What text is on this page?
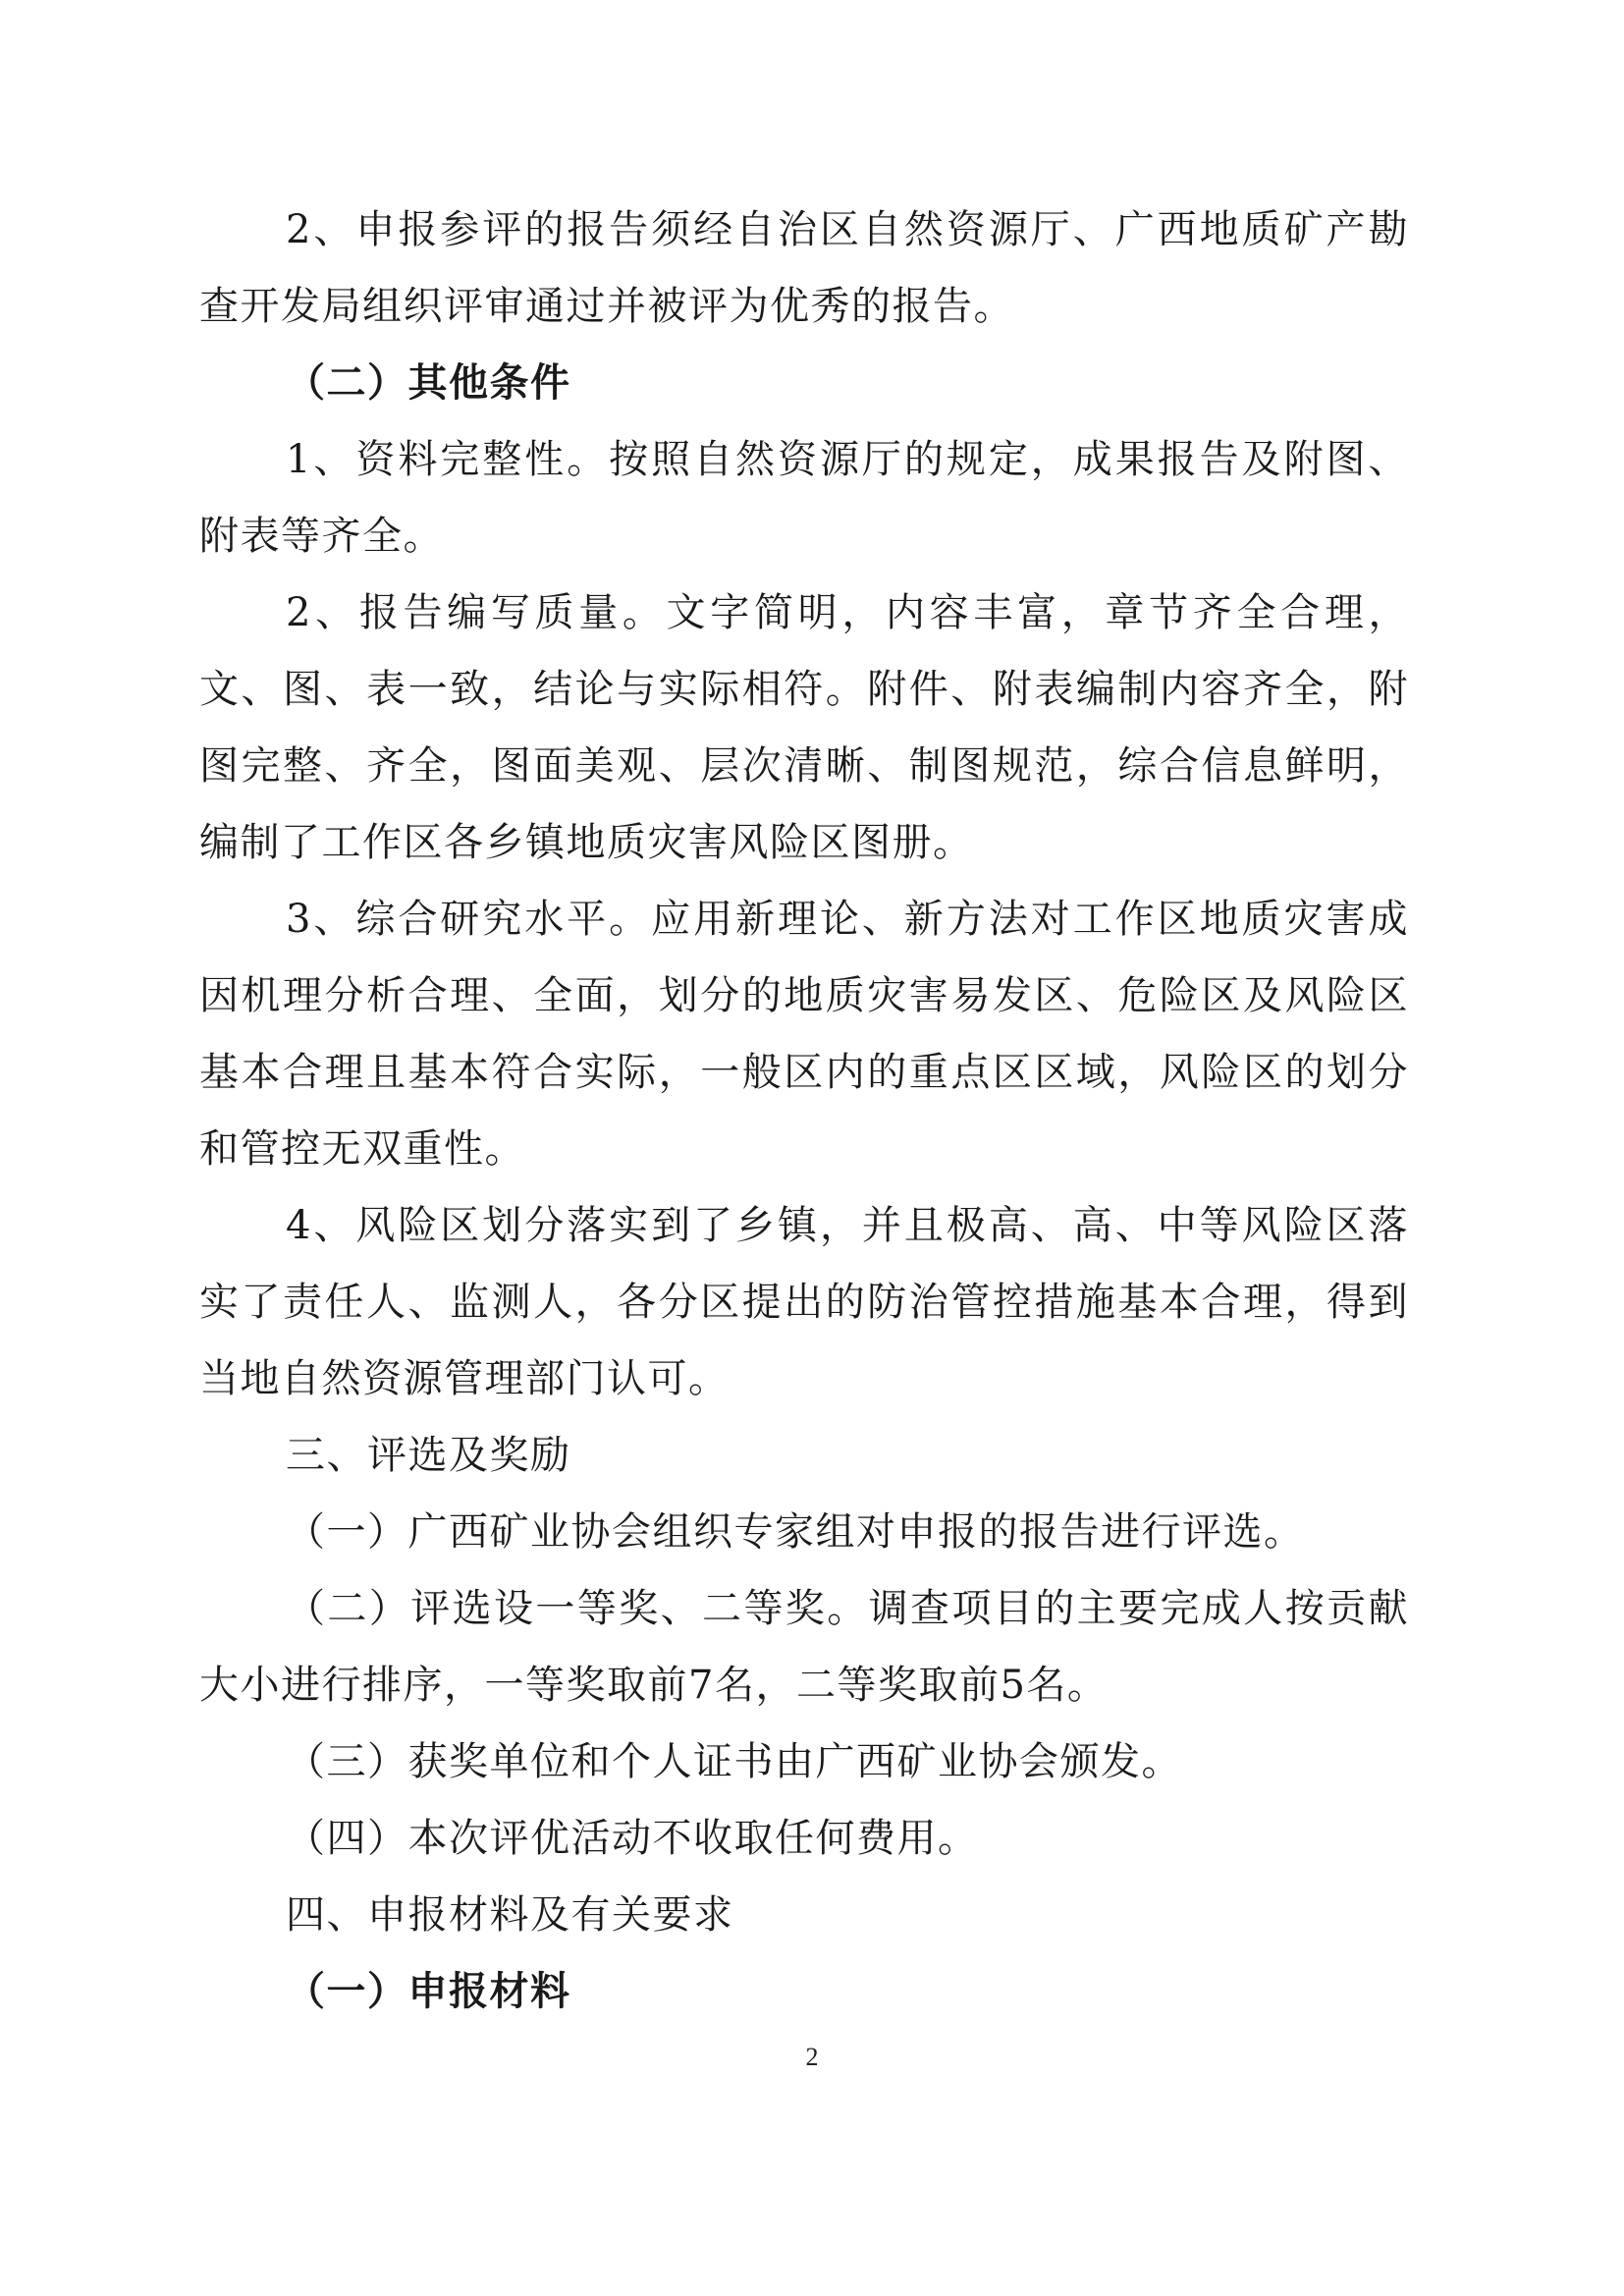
2、申报参评的报告须经自治区自然资源厅、广西地质矿产勘查开发局组织评审通过并被评为优秀的报告。

（二）其他条件

1、资料完整性。按照自然资源厅的规定，成果报告及附图、附表等齐全。

2、报告编写质量。文字简明，内容丰富，章节齐全合理，文、图、表一致，结论与实际相符。附件、附表编制内容齐全，附图完整、齐全，图面美观、层次清晰、制图规范，综合信息鲜明，编制了工作区各乡镇地质灾害风险区图册。

3、综合研究水平。应用新理论、新方法对工作区地质灾害成因机理分析合理、全面，划分的地质灾害易发区、危险区及风险区基本合理且基本符合实际，一般区内的重点区区域，风险区的划分和管控无双重性。

4、风险区划分落实到了乡镇，并且极高、高、中等风险区落实了责任人、监测人，各分区提出的防治管控措施基本合理，得到当地自然资源管理部门认可。

三、评选及奖励

（一）广西矿业协会组织专家组对申报的报告进行评选。

（二）评选设一等奖、二等奖。调查项目的主要完成人按贡献大小进行排序，一等奖取前7名，二等奖取前5名。

（三）获奖单位和个人证书由广西矿业协会颁发。

（四）本次评优活动不收取任何费用。

四、申报材料及有关要求

（一）申报材料

2
